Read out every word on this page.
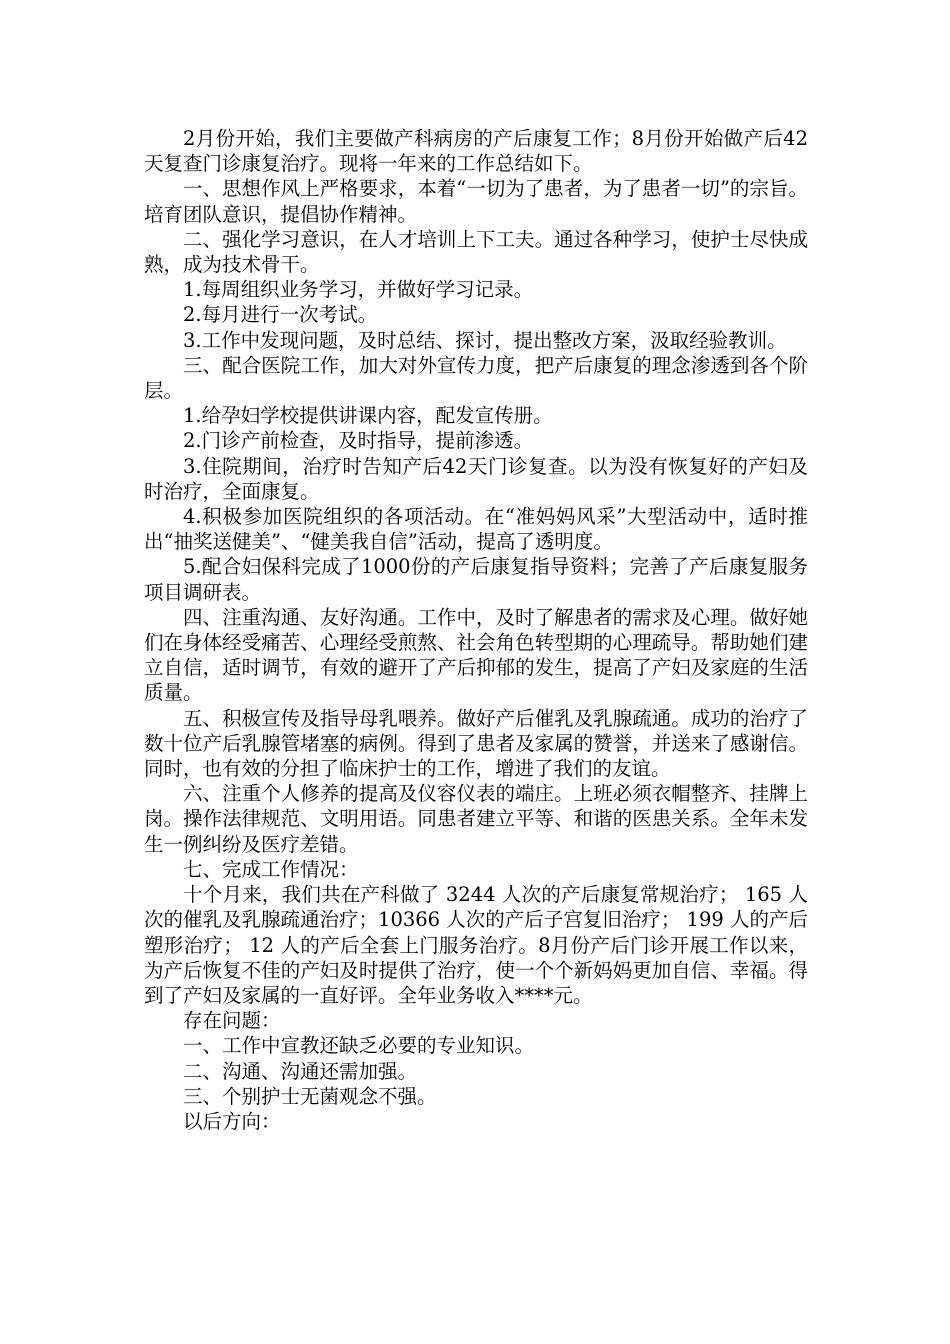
2月份开始，我们主要做产科病房的产后康复工作；8月份开始做产后42天复查门诊康复治疗。现将一年来的工作总结如下。

一、思想作风上严格要求，本着“一切为了患者，为了患者一切”的宗旨。培育团队意识，提倡协作精神。

二、强化学习意识，在人才培训上下工夫。通过各种学习，使护士尽快成熟，成为技术骨干。

1.每周组织业务学习，并做好学习记录。

2.每月进行一次考试。

3.工作中发现问题，及时总结、探讨，提出整改方案，汲取经验教训。

三、配合医院工作，加大对外宣传力度，把产后康复的理念渗透到各个阶层。

1.给孕妇学校提供讲课内容，配发宣传册。

2.门诊产前检查，及时指导，提前渗透。

3.住院期间，治疗时告知产后42天门诊复查。以为没有恢复好的产妇及时治疗，全面康复。

4.积极参加医院组织的各项活动。在“准妈妈风采”大型活动中，适时推出“抽奖送健美”、“健美我自信”活动，提高了透明度。

5.配合妇保科完成了1000份的产后康复指导资料；完善了产后康复服务项目调研表。

四、注重沟通、友好沟通。工作中，及时了解患者的需求及心理。做好她们在身体经受痛苦、心理经受煎熬、社会角色转型期的心理疏导。帮助她们建立自信，适时调节，有效的避开了产后抑郁的发生，提高了产妇及家庭的生活质量。

五、积极宣传及指导母乳喂养。做好产后催乳及乳腺疏通。成功的治疗了数十位产后乳腺管堵塞的病例。得到了患者及家属的赞誉，并送来了感谢信。同时，也有效的分担了临床护士的工作，增进了我们的友谊。

六、注重个人修养的提高及仪容仪表的端庄。上班必须衣帽整齐、挂牌上岗。操作法律规范、文明用语。同患者建立平等、和谐的医患关系。全年未发生一例纠纷及医疗差错。

七、完成工作情况：

十个月来，我们共在产科做了 3244 人次的产后康复常规治疗； 165 人次的催乳及乳腺疏通治疗；10366 人次的产后子宫复旧治疗； 199 人的产后塑形治疗； 12 人的产后全套上门服务治疗。8月份产后门诊开展工作以来，为产后恢复不佳的产妇及时提供了治疗，使一个个新妈妈更加自信、幸福。得到了产妇及家属的一直好评。全年业务收入****元。

存在问题：

一、工作中宣教还缺乏必要的专业知识。

二、沟通、沟通还需加强。

三、个别护士无菌观念不强。

以后方向：
